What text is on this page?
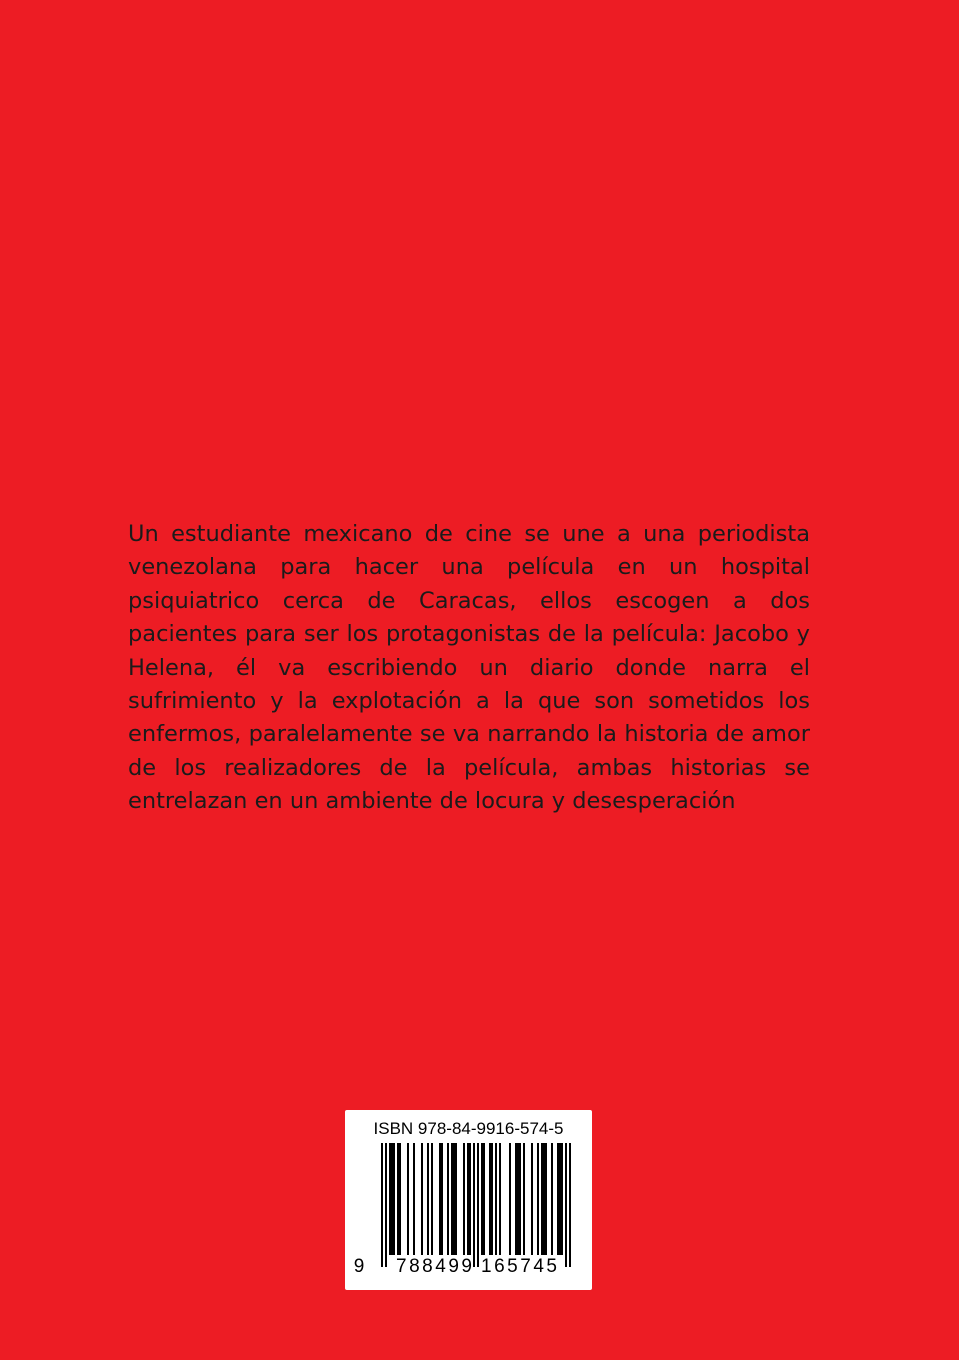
Un estudiante mexicano de cine se une a una periodista venezolana para hacer una película en un hospital psiquiatrico cerca de Caracas, ellos escogen a dos pacientes para ser los protagonistas de la película: Jacobo y Helena, él va escribiendo un diario donde narra el sufrimiento y la explotación a la que son sometidos los enfermos, paralelamente se va narrando la historia de amor de los realizadores de la película, ambas historias se entrelazan en un ambiente de locura y desesperación.

ISBN 978-84-9916-574-5
9 788499 165745
